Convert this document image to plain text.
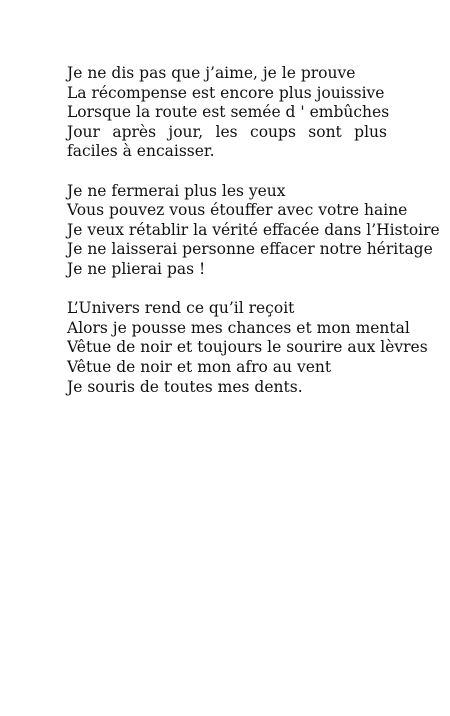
Je ne dis pas que j’aime, je le prouve
La récompense est encore plus jouissive
Lorsque la route est semée d ' embûches
Jour après jour, les coups sont plus faciles à encaisser.
Je ne fermerai plus les yeux
Vous pouvez vous étouffer avec votre haine
Je veux rétablir la vérité effacée dans l’Histoire
Je ne laisserai personne effacer notre héritage
Je ne plierai pas !
L’Univers rend ce qu’il reçoit
Alors je pousse mes chances et mon mental
Vêtue de noir et toujours le sourire aux lèvres
Vêtue de noir et mon afro au vent
Je souris de toutes mes dents.
